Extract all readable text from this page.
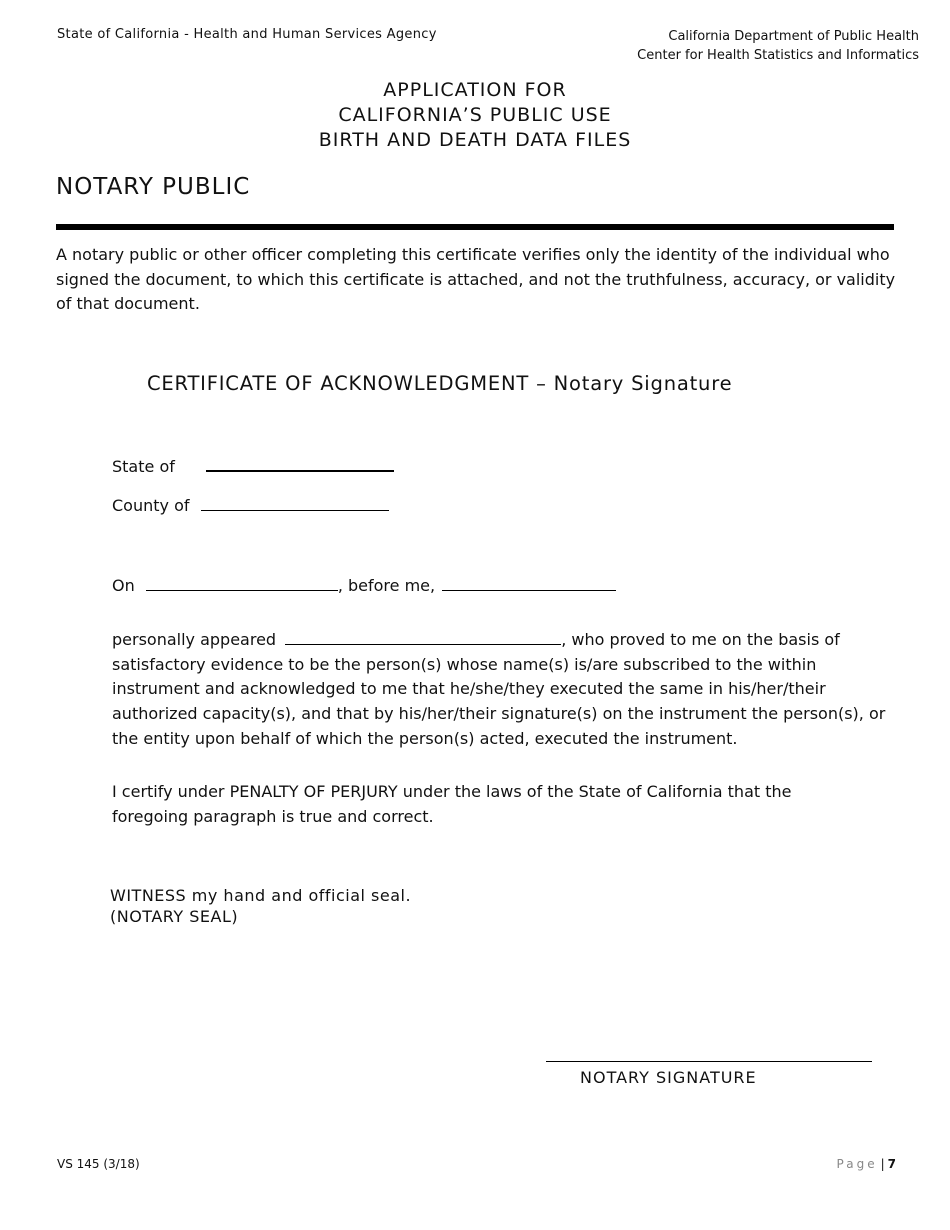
State of California - Health and Human Services Agency	California Department of Public Health
Center for Health Statistics and Informatics
APPLICATION FOR
CALIFORNIA’S PUBLIC USE
BIRTH AND DEATH DATA FILES
NOTARY PUBLIC
A notary public or other officer completing this certificate verifies only the identity of the individual who signed the document, to which this certificate is attached, and not the truthfulness, accuracy, or validity of that document.
CERTIFICATE OF ACKNOWLEDGMENT – Notary Signature
State of
County of
On	, before me,
personally appeared	, who proved to me on the basis of satisfactory evidence to be the person(s) whose name(s) is/are subscribed to the within instrument and acknowledged to me that he/she/they executed the same in his/her/their authorized capacity(s), and that by his/her/their signature(s) on the instrument the person(s), or the entity upon behalf of which the person(s) acted, executed the instrument.
I certify under PENALTY OF PERJURY under the laws of the State of California that the foregoing paragraph is true and correct.
WITNESS my hand and official seal.
(NOTARY SEAL)
NOTARY SIGNATURE
VS 145 (3/18)	Page | 7
